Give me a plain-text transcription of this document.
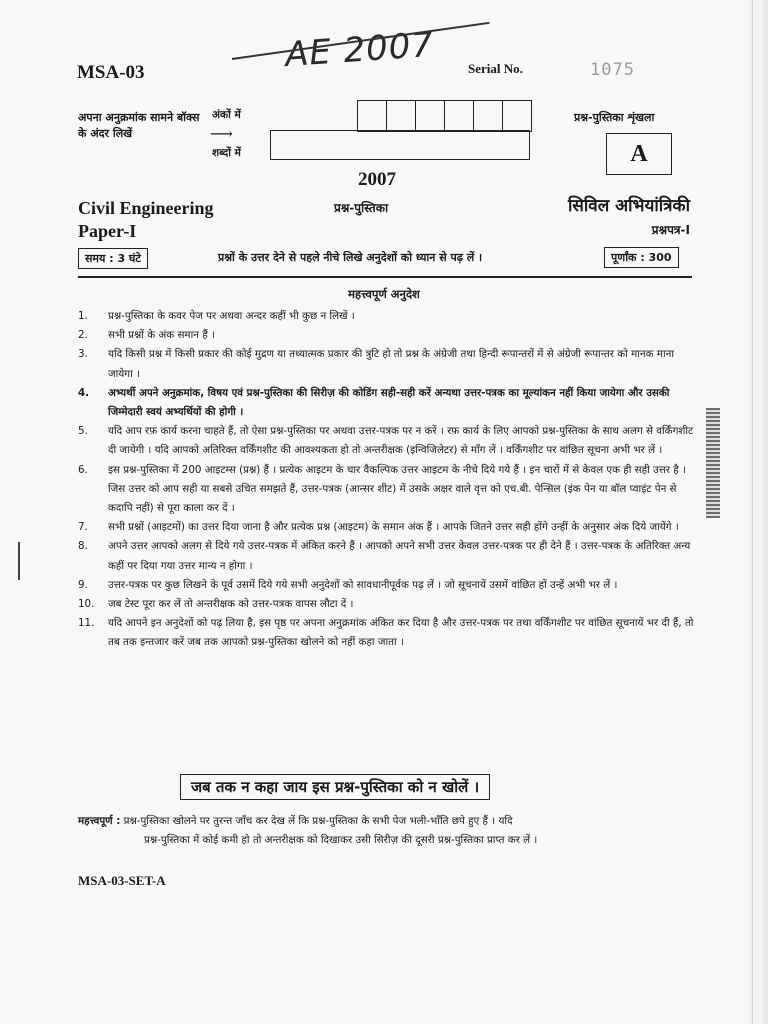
MSA-03	AE 2007	Serial No.	1075
अपना अनुक्रमांक सामने बॉक्स के अंदर लिखें
अंकों में
⟶
शब्दों में
प्रश्न-पुस्तिका शृंखला
A
2007
Civil Engineering
Paper-I
प्रश्न-पुस्तिका	सिविल अभियांत्रिकी
प्रश्नपत्र-I
समय : 3 घंटे	प्रश्नों के उत्तर देने से पहले नीचे लिखे अनुदेशों को ध्यान से पढ़ लें ।	पूर्णांक : 300
महत्त्वपूर्ण अनुदेश
1.	प्रश्न-पुस्तिका के कवर पेज पर अथवा अन्दर कहीं भी कुछ न लिखें ।
2.	सभी प्रश्नों के अंक समान हैं ।
3.	यदि किसी प्रश्न में किसी प्रकार की कोई मुद्रण या तथ्यात्मक प्रकार की त्रुटि हो तो प्रश्न के अंग्रेजी तथा हिन्दी रूपान्तरों में से अंग्रेजी रूपान्तर को मानक माना जायेगा ।
4.	अभ्यर्थी अपने अनुक्रमांक, विषय एवं प्रश्न-पुस्तिका की सिरीज़ की कोडिंग सही-सही करें अन्यथा उत्तर-पत्रक का मूल्यांकन नहीं किया जायेगा और उसकी जिम्मेदारी स्वयं अभ्यर्थियों की होगी ।
5.	यदि आप रफ़ कार्य करना चाहते हैं, तो ऐसा प्रश्न-पुस्तिका पर अथवा उत्तर-पत्रक पर न करें । रफ़ कार्य के लिए आपको प्रश्न-पुस्तिका के साथ अलग से वर्किंगशीट दी जायेगी । यदि आपको अतिरिक्त वर्किंगशीट की आवश्यकता हो तो अन्तरीक्षक (इन्विजिलेटर) से माँग लें । वर्किंगशीट पर वांछित सूचना अभी भर लें ।
6.	इस प्रश्न-पुस्तिका में 200 आइटम्स (प्रश्न) हैं । प्रत्येक आइटम के चार वैकल्पिक उत्तर आइटम के नीचे दिये गये हैं । इन चारों में से केवल एक ही सही उत्तर है । जिस उत्तर को आप सही या सबसे उचित समझते हैं, उत्तर-पत्रक (आन्सर शीट) में उसके अक्षर वाले वृत्त को एच.बी. पेन्सिल (इंक पेन या बॉल प्वाइंट पेन से कदापि नहीं) से पूरा काला कर दें ।
7.	सभी प्रश्नों (आइटमों) का उत्तर दिया जाना है और प्रत्येक प्रश्न (आइटम) के समान अंक हैं । आपके जितने उत्तर सही होंगे उन्हीं के अनुसार अंक दिये जायेंगे ।
8.	अपने उत्तर आपको अलग से दिये गये उत्तर-पत्रक में अंकित करने हैं । आपको अपने सभी उत्तर केवल उत्तर-पत्रक पर ही देने हैं । उत्तर-पत्रक के अतिरिक्त अन्य कहीं पर दिया गया उत्तर मान्य न होगा ।
9.	उत्तर-पत्रक पर कुछ लिखने के पूर्व उसमें दिये गये सभी अनुदेशों को सावधानीपूर्वक पढ़ लें । जो सूचनायें उसमें वांछित हों उन्हें अभी भर लें ।
10.	जब टेस्ट पूरा कर लें तो अन्तरीक्षक को उत्तर-पत्रक वापस लौटा दें ।
11.	यदि आपने इन अनुदेशों को पढ़ लिया है, इस पृष्ठ पर अपना अनुक्रमांक अंकित कर दिया है और उत्तर-पत्रक पर तथा वर्किंगशीट पर वांछित सूचनायें भर दी हैं, तो तब तक इन्तजार करें जब तक आपको प्रश्न-पुस्तिका खोलने को नहीं कहा जाता ।
जब तक न कहा जाय इस प्रश्न-पुस्तिका को न खोलें ।
महत्त्वपूर्ण : प्रश्न-पुस्तिका खोलने पर तुरन्त जाँच कर देख लें कि प्रश्न-पुस्तिका के सभी पेज भली-भाँति छपे हुए हैं । यदि
प्रश्न-पुस्तिका में कोई कमी हो तो अन्तरीक्षक को दिखाकर उसी सिरीज़ की दूसरी प्रश्न-पुस्तिका प्राप्त कर लें ।
MSA-03-SET-A
